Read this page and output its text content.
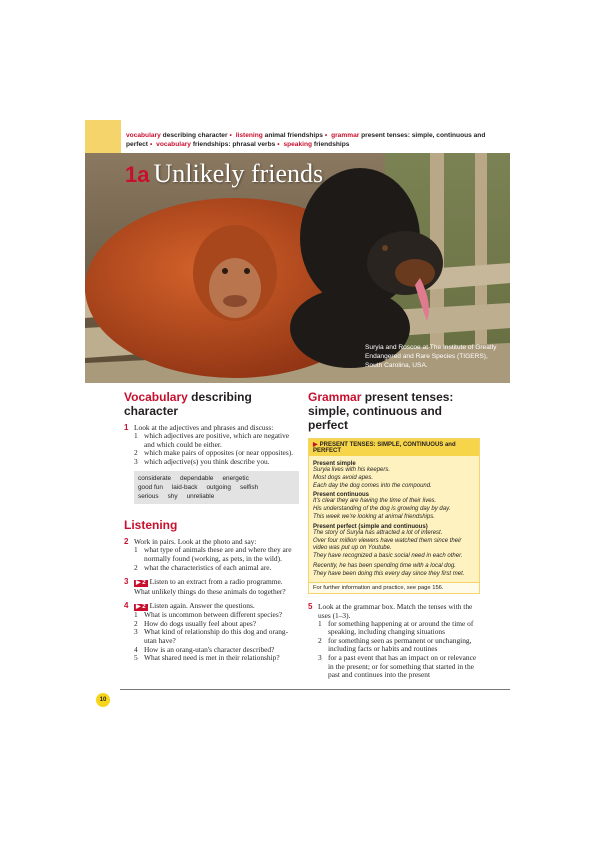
vocabulary describing character • listening animal friendships • grammar present tenses: simple, continuous and perfect • vocabulary friendships: phrasal verbs • speaking friendships
1a Unlikely friends
Suryia and Roscoe at The Institute of Greatly Endangered and Rare Species (TIGERS), South Carolina, USA.
Vocabulary describing character
1 Look at the adjectives and phrases and discuss:
1 which adjectives are positive, which are negative and which could be either.
2 which make pairs of opposites (or near opposites).
3 which adjective(s) you think describe you.
considerate dependable energetic
good fun laid-back outgoing selfish
serious shy unreliable
Listening
2 Work in pairs. Look at the photo and say:
1 what type of animals these are and where they are normally found (working, as pets, in the wild).
2 what the characteristics of each animal are.
3 ▶ 2 Listen to an extract from a radio programme. What unlikely things do these animals do together?
4 ▶ 2 Listen again. Answer the questions.
1 What is uncommon between different species?
2 How do dogs usually feel about apes?
3 What kind of relationship do this dog and orang-utan have?
4 How is an orang-utan's character described?
5 What shared need is met in their relationship?
Grammar present tenses: simple, continuous and perfect
▶ PRESENT TENSES: SIMPLE, CONTINUOUS and PERFECT
Present simple
Suryia lives with his keepers.
Most dogs avoid apes.
Each day the dog comes into the compound.
Present continuous
It's clear they are having the time of their lives.
His understanding of the dog is growing day by day.
This week we're looking at animal friendships.
Present perfect (simple and continuous)
The story of Suryia has attracted a lot of interest.
Over four million viewers have watched them since their video was put up on Youtube.
They have recognized a basic social need in each other.
Recently, he has been spending time with a local dog.
They have been doing this every day since they first met.
For further information and practice, see page 156.
5 Look at the grammar box. Match the tenses with the uses (1–3).
1 for something happening at or around the time of speaking, including changing situations
2 for something seen as permanent or unchanging, including facts or habits and routines
3 for a past event that has an impact on or relevance in the present; or for something that started in the past and continues into the present
10
